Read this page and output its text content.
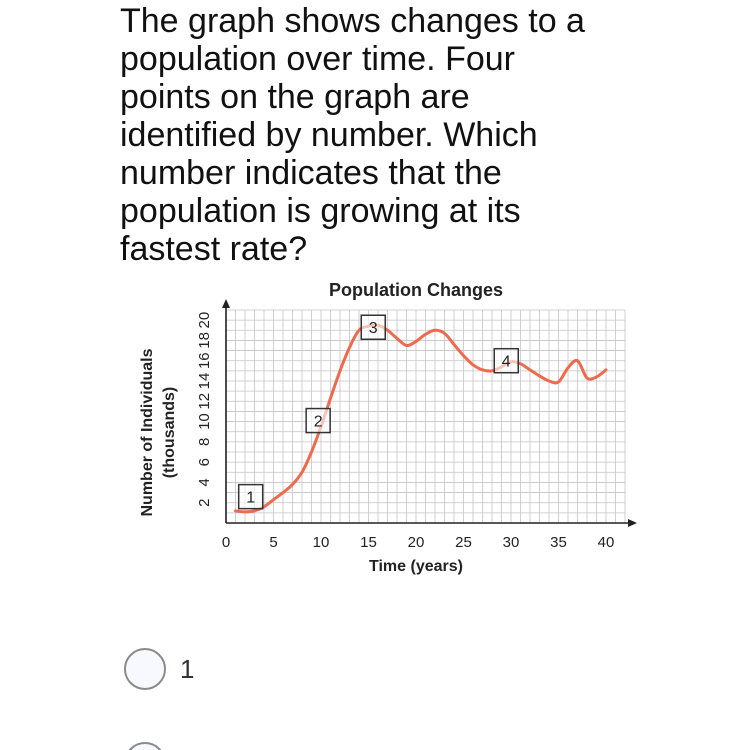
The graph shows changes to a
population over time. Four
points on the graph are
identified by number. Which
number indicates that the
population is growing at its
fastest rate?
Population Changes
0	5 10 15 20 25 30 35 40
2
4
6
8
10
12
14
16
18
20
Time (years)
Number of Individuals (thousands)
1
2
3
4
1
